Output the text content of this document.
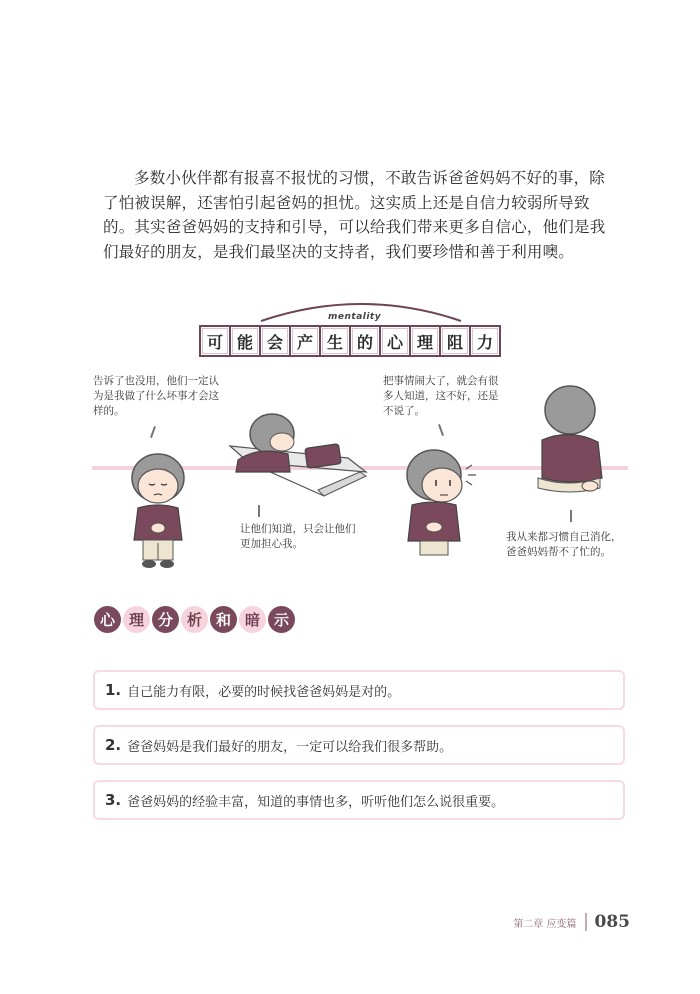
多数小伙伴都有报喜不报忧的习惯，不敢告诉爸爸妈妈不好的事，除了怕被误解，还害怕引起爸妈的担忧。这实质上还是自信力较弱所导致的。其实爸爸妈妈的支持和引导，可以给我们带来更多自信心，他们是我们最好的朋友，是我们最坚决的支持者，我们要珍惜和善于利用噢。

mentality
可 能 会 产 生 的 心 理 阻 力
告诉了也没用，他们一定认为是我做了什么坏事才会这样的。
让他们知道，只会让他们更加担心我。
把事情闹大了，就会有很多人知道，这不好，还是不说了。
我从来都习惯自己消化，爸爸妈妈帮不了忙的。
心 理 分 析 和 暗 示
1. 自己能力有限，必要的时候找爸爸妈妈是对的。
2. 爸爸妈妈是我们最好的朋友，一定可以给我们很多帮助。
3. 爸爸妈妈的经验丰富，知道的事情也多，听听他们怎么说很重要。
第二章 应变篇 085
